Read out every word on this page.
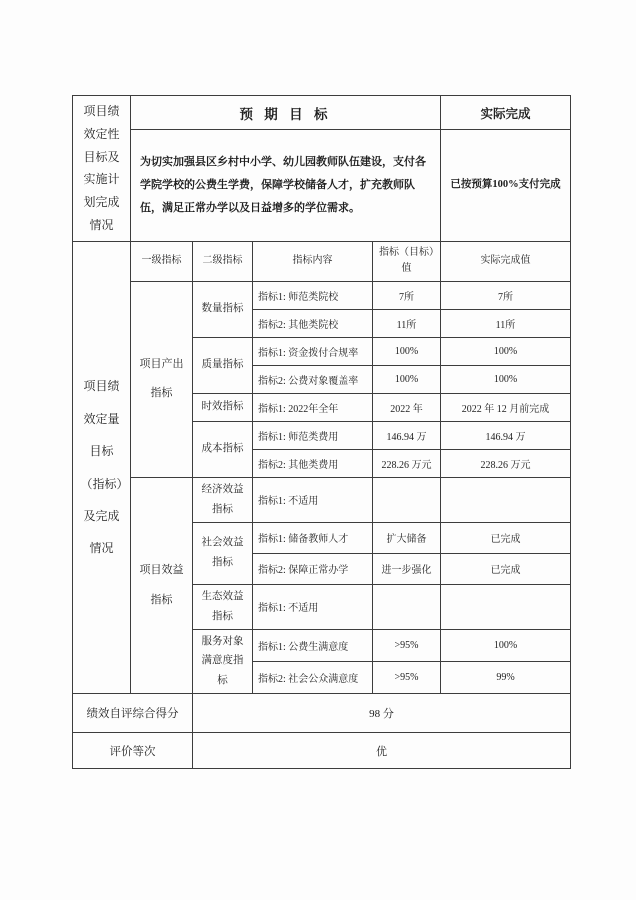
项目绩效定性目标及实施计划完成情况	预 期 目 标				实际完成
	为切实加强县区乡村中小学、幼儿园教师队伍建设，支付各学院学校的公费生学费，保障学校储备人才，扩充教师队伍，满足正常办学以及日益增多的学位需求。				已按预算100%支付完成
项目绩效定量目标（指标）及完成情况	一级指标	二级指标	指标内容	指标（目标）值	实际完成值
	项目产出指标	数量指标	指标1: 师范类院校	7所	7所
			指标2: 其他类院校	11所	11所
		质量指标	指标1: 资金拨付合规率	100%	100%
			指标2: 公费对象覆盖率	100%	100%
		时效指标	指标1: 2022年全年	2022 年	2022 年 12 月前完成
		成本指标	指标1: 师范类费用	146.94 万	146.94 万
			指标2: 其他类费用	228.26 万元	228.26 万元
	项目效益指标	经济效益指标	指标1: 不适用		
		社会效益指标	指标1: 储备教师人才	扩大储备	已完成
			指标2: 保障正常办学	进一步强化	已完成
		生态效益指标	指标1: 不适用		
		服务对象满意度指标	指标1: 公费生满意度	>95%	100%
			指标2: 社会公众满意度	>95%	99%
绩效自评综合得分		98 分			
评价等次		优			
